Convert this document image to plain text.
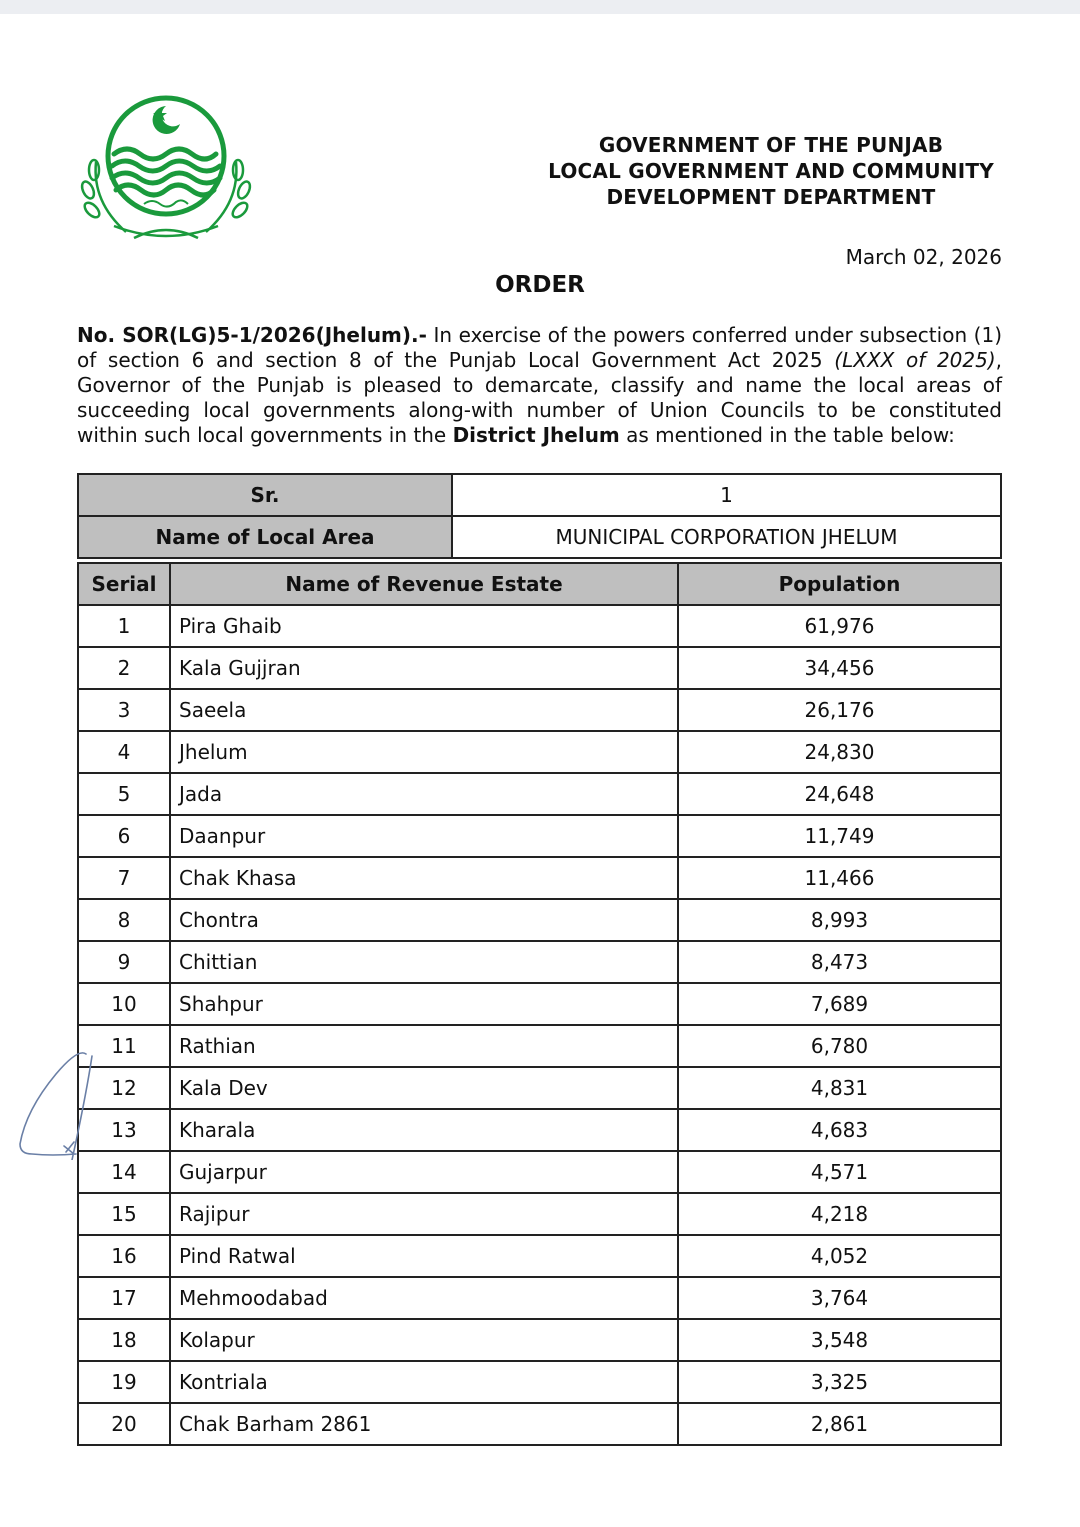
GOVERNMENT OF THE PUNJAB
LOCAL GOVERNMENT AND COMMUNITY
DEVELOPMENT DEPARTMENT
March 02, 2026
ORDER
No. SOR(LG)5-1/2026(Jhelum).- In exercise of the powers conferred under subsection (1) of section 6 and section 8 of the Punjab Local Government Act 2025 (LXXX of 2025), Governor of the Punjab is pleased to demarcate, classify and name the local areas of succeeding local governments along-with number of Union Councils to be constituted within such local governments in the District Jhelum as mentioned in the table below:
Sr.	1
Name of Local Area	MUNICIPAL CORPORATION JHELUM
Serial	Name of Revenue Estate	Population
1	Pira Ghaib	61,976
2	Kala Gujjran	34,456
3	Saeela	26,176
4	Jhelum	24,830
5	Jada	24,648
6	Daanpur	11,749
7	Chak Khasa	11,466
8	Chontra	8,993
9	Chittian	8,473
10	Shahpur	7,689
11	Rathian	6,780
12	Kala Dev	4,831
13	Kharala	4,683
14	Gujarpur	4,571
15	Rajipur	4,218
16	Pind Ratwal	4,052
17	Mehmoodabad	3,764
18	Kolapur	3,548
19	Kontriala	3,325
20	Chak Barham 2861	2,861
